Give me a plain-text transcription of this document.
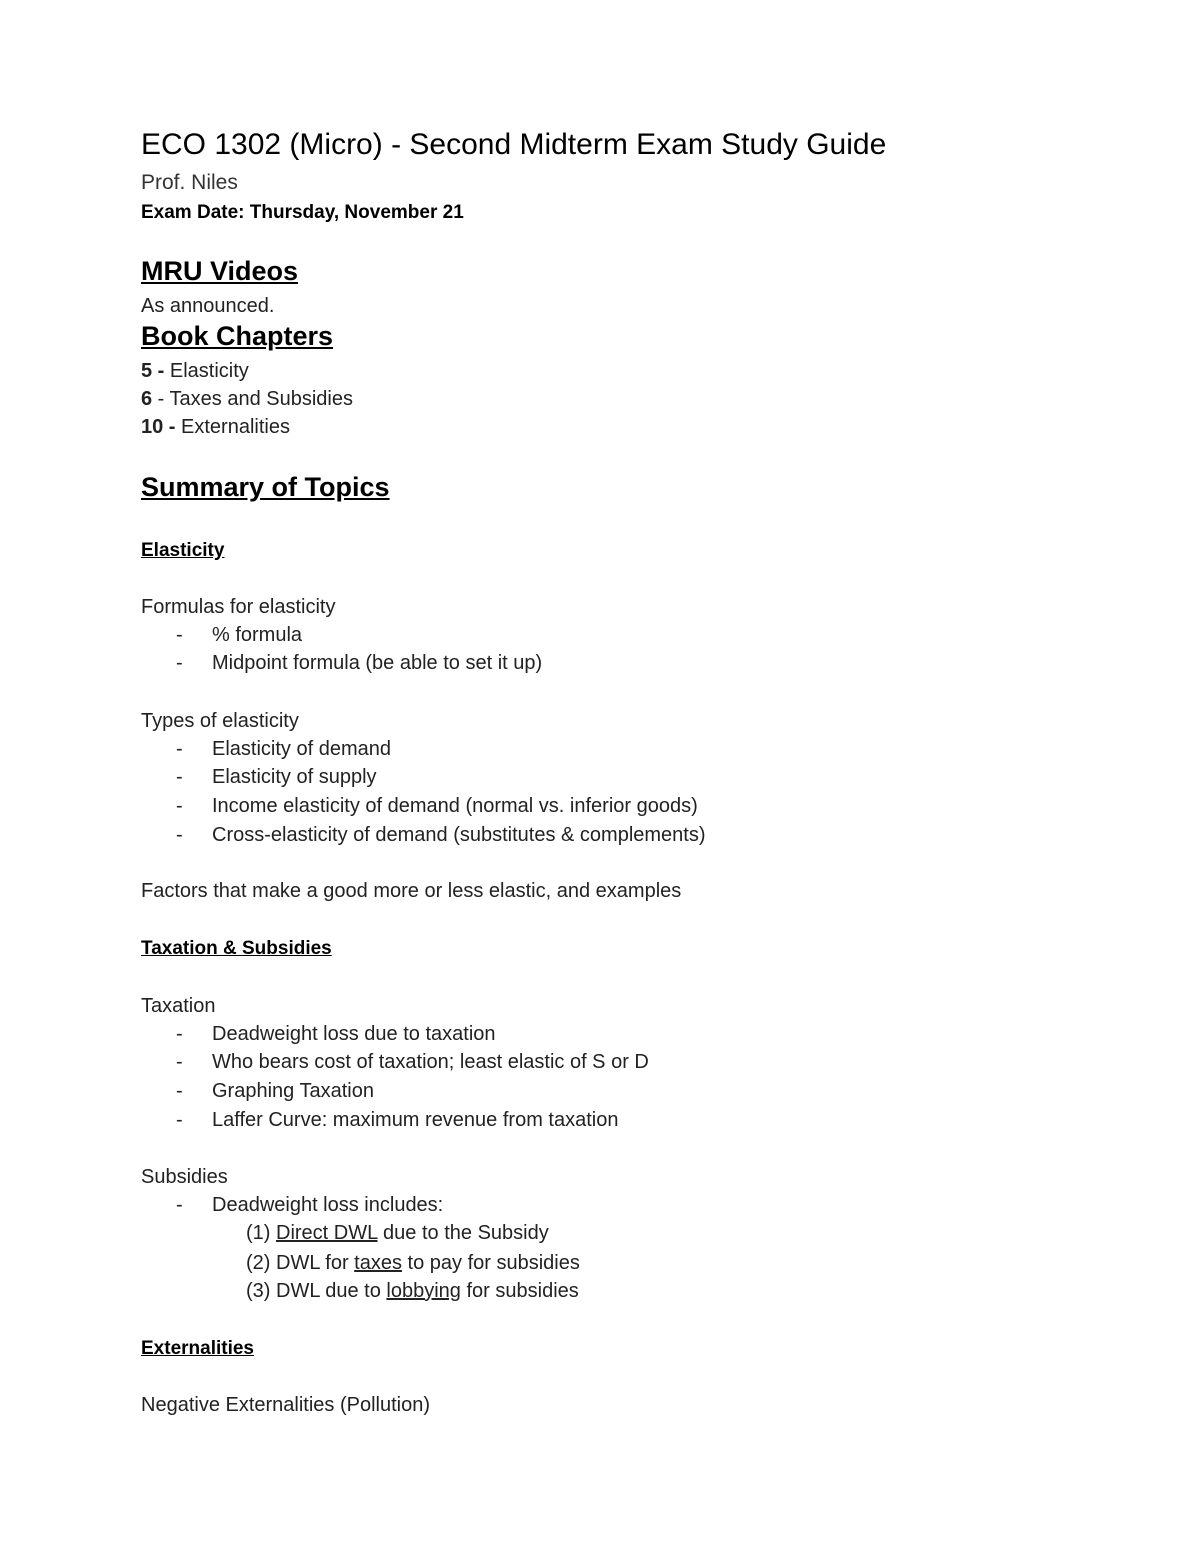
ECO 1302 (Micro) - Second Midterm Exam Study Guide
Prof. Niles
Exam Date: Thursday, November 21
MRU Videos
As announced.
Book Chapters
5 - Elasticity
6 - Taxes and Subsidies
10 - Externalities
Summary of Topics
Elasticity
Formulas for elasticity
- % formula
- Midpoint formula (be able to set it up)
Types of elasticity
- Elasticity of demand
- Elasticity of supply
- Income elasticity of demand (normal vs. inferior goods)
- Cross-elasticity of demand (substitutes & complements)
Factors that make a good more or less elastic, and examples
Taxation & Subsidies
Taxation
- Deadweight loss due to taxation
- Who bears cost of taxation; least elastic of S or D
- Graphing Taxation
- Laffer Curve: maximum revenue from taxation
Subsidies
- Deadweight loss includes:
(1) Direct DWL due to the Subsidy
(2) DWL for taxes to pay for subsidies
(3) DWL due to lobbying for subsidies
Externalities
Negative Externalities (Pollution)
